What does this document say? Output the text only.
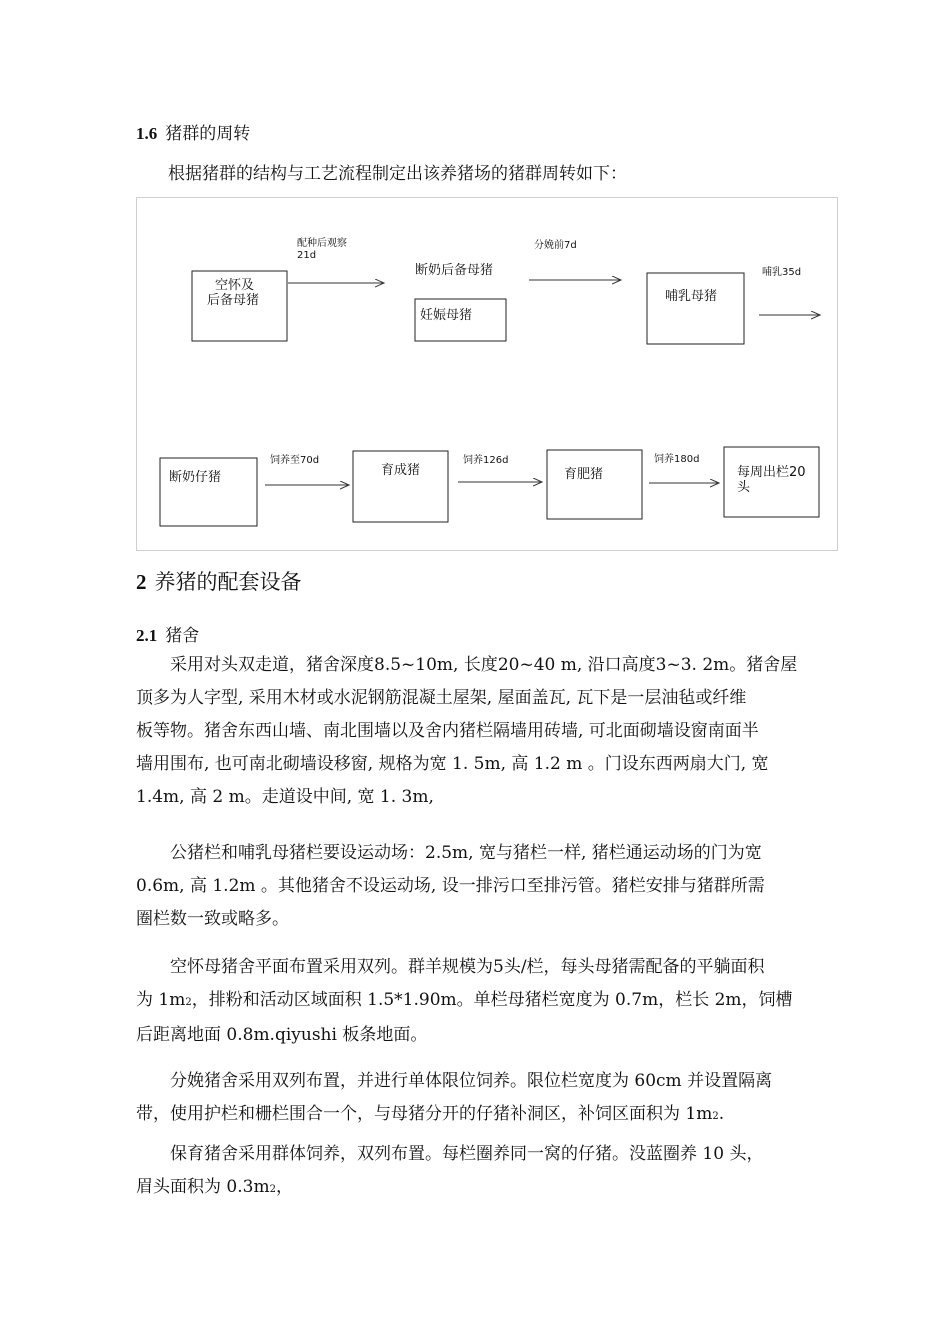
1.6 猪群的周转
根据猪群的结构与工艺流程制定出该养猪场的猪群周转如下：
空怀及
后备母猪
配种后观察
21d
断奶后备母猪
妊娠母猪
分娩前7d
哺乳母猪
哺乳35d
断奶仔猪
饲养至70d
育成猪
饲养126d
育肥猪
饲养180d
每周出栏20
头
2 养猪的配套设备
2.1 猪舍
采用对头双走道，猪舍深度8.5~10m, 长度20~40 m, 沿口高度3~3. 2m。猪舍屋
顶多为人字型, 采用木材或水泥钢筋混凝土屋架, 屋面盖瓦, 瓦下是一层油毡或纤维
板等物。猪舍东西山墙、南北围墙以及舍内猪栏隔墙用砖墙, 可北面砌墙设窗南面半
墙用围布, 也可南北砌墙设移窗, 规格为宽 1. 5m, 高 1.2 m 。门设东西两扇大门, 宽
1.4m, 高 2 m。走道设中间, 宽 1. 3m,
公猪栏和哺乳母猪栏要设运动场：2.5m, 宽与猪栏一样, 猪栏通运动场的门为宽
0.6m, 高 1.2m 。其他猪舍不设运动场, 设一排污口至排污管。猪栏安排与猪群所需
圈栏数一致或略多。
空怀母猪舍平面布置采用双列。群羊规模为5头/栏，每头母猪需配备的平躺面积
为 1m2，排粉和活动区域面积 1.5*1.90m。单栏母猪栏宽度为 0.7m，栏长 2m，饲槽
后距离地面 0.8m.qiyushi 板条地面。
分娩猪舍采用双列布置，并进行单体限位饲养。限位栏宽度为 60cm 并设置隔离
带，使用护栏和栅栏围合一个，与母猪分开的仔猪补洞区，补饲区面积为 1m2.
保育猪舍采用群体饲养，双列布置。每栏圈养同一窝的仔猪。没蓝圈养 10 头，
眉头面积为 0.3m2，
